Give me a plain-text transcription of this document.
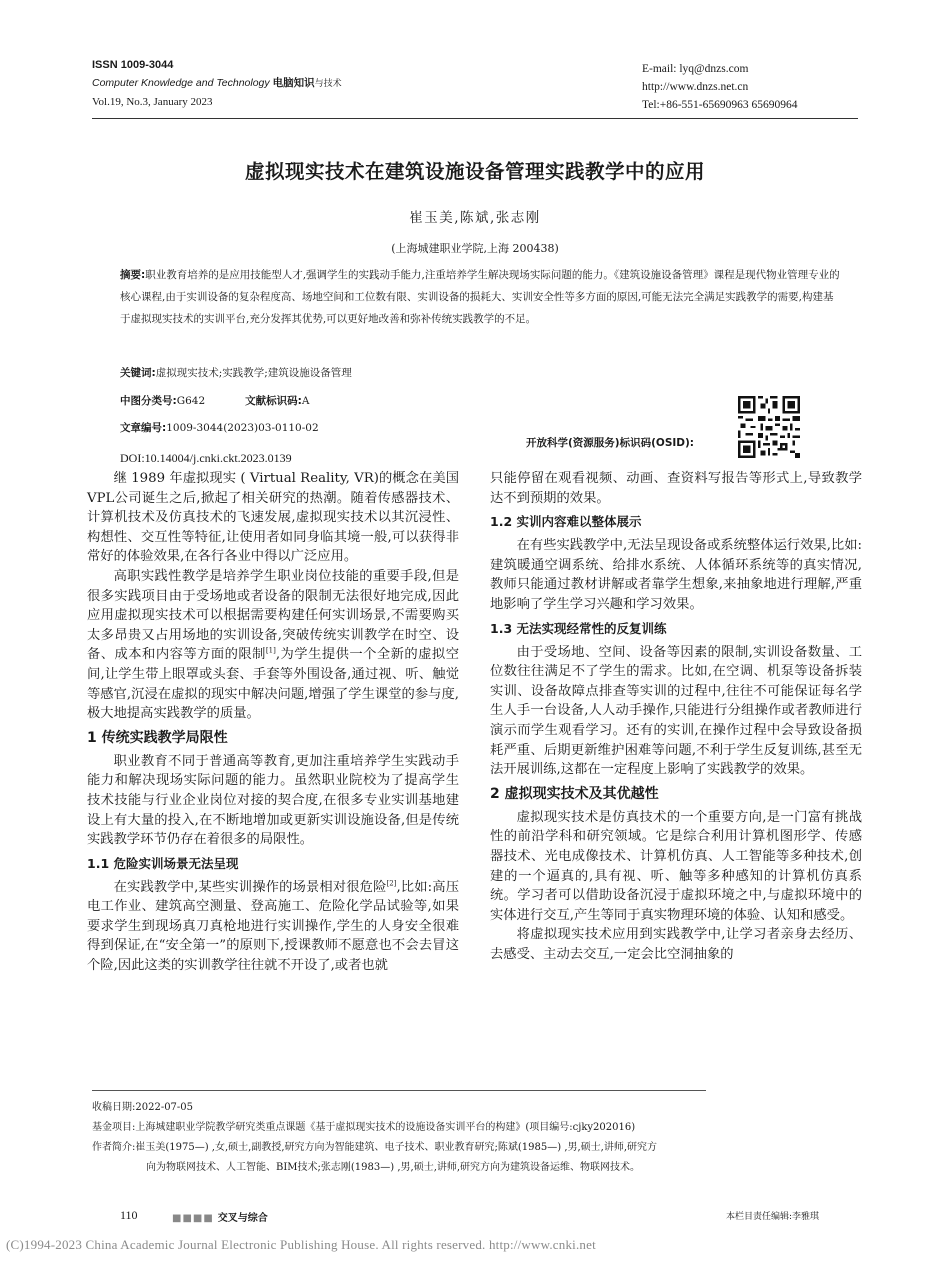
ISSN 1009-3044
Computer Knowledge and Technology 电脑知识与技术
Vol.19, No.3, January 2023
E-mail: lyq@dnzs.com
http://www.dnzs.net.cn
Tel:+86-551-65690963 65690964
虚拟现实技术在建筑设施设备管理实践教学中的应用
崔玉美,陈斌,张志刚
(上海城建职业学院,上海 200438)
摘要:职业教育培养的是应用技能型人才,强调学生的实践动手能力,注重培养学生解决现场实际问题的能力。《建筑设施设备管理》课程是现代物业管理专业的核心课程,由于实训设备的复杂程度高、场地空间和工位数有限、实训设备的损耗大、实训安全性等多方面的原因,可能无法完全满足实践教学的需要,构建基于虚拟现实技术的实训平台,充分发挥其优势,可以更好地改善和弥补传统实践教学的不足。
关键词:虚拟现实技术;实践教学;建筑设施设备管理
中图分类号:G642	文献标识码:A
文章编号:1009-3044(2023)03-0110-02
开放科学(资源服务)标识码(OSID):
DOI:10.14004/j.cnki.ckt.2023.0139

继 1989 年虚拟现实 ( Virtual Reality, VR)的概念在美国VPL公司诞生之后,掀起了相关研究的热潮。随着传感器技术、计算机技术及仿真技术的飞速发展,虚拟现实技术以其沉浸性、构想性、交互性等特征,让使用者如同身临其境一般,可以获得非常好的体验效果,在各行各业中得以广泛应用。

高职实践性教学是培养学生职业岗位技能的重要手段,但是很多实践项目由于受场地或者设备的限制无法很好地完成,因此应用虚拟现实技术可以根据需要构建任何实训场景,不需要购买太多昂贵又占用场地的实训设备,突破传统实训教学在时空、设备、成本和内容等方面的限制[1],为学生提供一个全新的虚拟空间,让学生带上眼罩或头套、手套等外围设备,通过视、听、触觉等感官,沉浸在虚拟的现实中解决问题,增强了学生课堂的参与度,极大地提高实践教学的质量。

1 传统实践教学局限性

职业教育不同于普通高等教育,更加注重培养学生实践动手能力和解决现场实际问题的能力。虽然职业院校为了提高学生技术技能与行业企业岗位对接的契合度,在很多专业实训基地建设上有大量的投入,在不断地增加或更新实训设施设备,但是传统实践教学环节仍存在着很多的局限性。

1.1 危险实训场景无法呈现

在实践教学中,某些实训操作的场景相对很危险[2],比如:高压电工作业、建筑高空测量、登高施工、危险化学品试验等,如果要求学生到现场真刀真枪地进行实训操作,学生的人身安全很难得到保证,在“安全第一”的原则下,授课教师不愿意也不会去冒这个险,因此这类的实训教学往往就不开设了,或者也就

只能停留在观看视频、动画、查资料写报告等形式上,导致教学达不到预期的效果。

1.2 实训内容难以整体展示

在有些实践教学中,无法呈现设备或系统整体运行效果,比如:建筑暖通空调系统、给排水系统、人体循环系统等的真实情况,教师只能通过教材讲解或者靠学生想象,来抽象地进行理解,严重地影响了学生学习兴趣和学习效果。

1.3 无法实现经常性的反复训练

由于受场地、空间、设备等因素的限制,实训设备数量、工位数往往满足不了学生的需求。比如,在空调、机泵等设备拆装实训、设备故障点排查等实训的过程中,往往不可能保证每名学生人手一台设备,人人动手操作,只能进行分组操作或者教师进行演示而学生观看学习。还有的实训,在操作过程中会导致设备损耗严重、后期更新维护困难等问题,不利于学生反复训练,甚至无法开展训练,这都在一定程度上影响了实践教学的效果。

2 虚拟现实技术及其优越性

虚拟现实技术是仿真技术的一个重要方向,是一门富有挑战性的前沿学科和研究领域。它是综合利用计算机图形学、传感器技术、光电成像技术、计算机仿真、人工智能等多种技术,创建的一个逼真的,具有视、听、触等多种感知的计算机仿真系统。学习者可以借助设备沉浸于虚拟环境之中,与虚拟环境中的实体进行交互,产生等同于真实物理环境的体验、认知和感受。

将虚拟现实技术应用到实践教学中,让学习者亲身去经历、去感受、主动去交互,一定会比空洞抽象的

收稿日期:2022-07-05
基金项目:上海城建职业学院教学研究类重点课题《基于虚拟现实技术的设施设备实训平台的构建》(项目编号:cjky202016)
作者简介:崔玉美(1975—) ,女,硕士,副教授,研究方向为智能建筑、电子技术、职业教育研究;陈斌(1985—) ,男,硕士,讲师,研究方
向为物联网技术、人工智能、BIM技术;张志刚(1983—) ,男,硕士,讲师,研究方向为建筑设备运维、物联网技术。
110	■■■■ 交叉与综合	本栏目责任编辑:李雅琪
(C)1994-2023 China Academic Journal Electronic Publishing House. All rights reserved. http://www.cnki.net
